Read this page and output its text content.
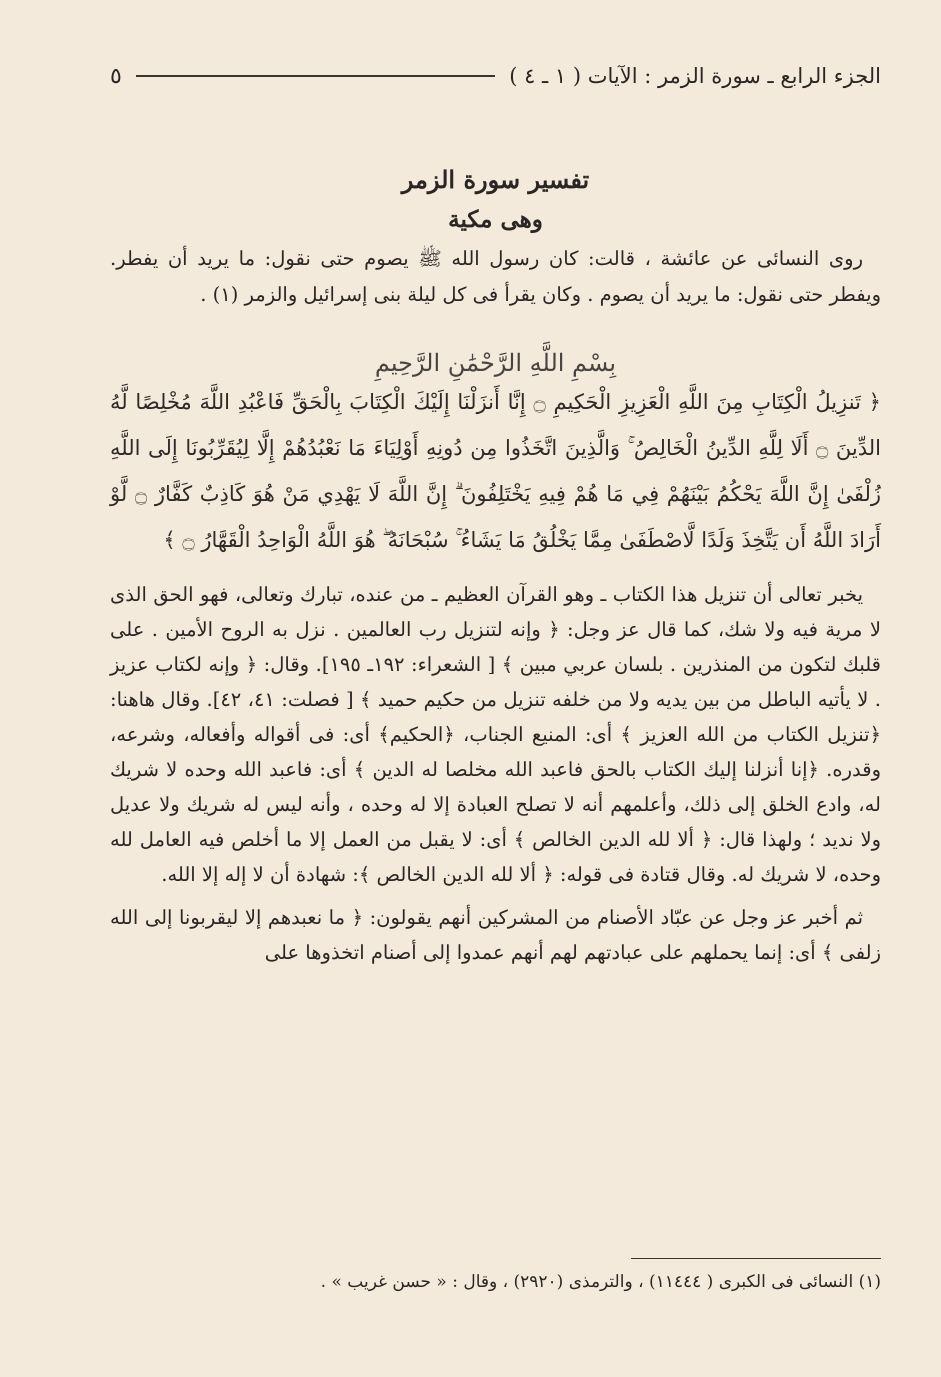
الجزء الرابع ـ سورة الزمر : الآيات ( ١ ـ ٤ )
٥
تفسير سورة الزمر
وهى مكية

روى النسائى عن عائشة ، قالت: كان رسول الله ﷺ يصوم حتى نقول: ما يريد أن يفطر. ويفطر حتى نقول: ما يريد أن يصوم . وكان يقرأ فى كل ليلة بنى إسرائيل والزمر (١) .

بِسْمِ اللَّهِ الرَّحْمَٰنِ الرَّحِيمِ
﴿ تَنزِيلُ الْكِتَابِ مِنَ اللَّهِ الْعَزِيزِ الْحَكِيمِ ۝ إِنَّا أَنزَلْنَا إِلَيْكَ الْكِتَابَ بِالْحَقِّ فَاعْبُدِ اللَّهَ مُخْلِصًا لَّهُ الدِّينَ ۝ أَلَا لِلَّهِ الدِّينُ الْخَالِصُ ۚ وَالَّذِينَ اتَّخَذُوا مِن دُونِهِ أَوْلِيَاءَ مَا نَعْبُدُهُمْ إِلَّا لِيُقَرِّبُونَا إِلَى اللَّهِ زُلْفَىٰ إِنَّ اللَّهَ يَحْكُمُ بَيْنَهُمْ فِي مَا هُمْ فِيهِ يَخْتَلِفُونَ ۗ إِنَّ اللَّهَ لَا يَهْدِي مَنْ هُوَ كَاذِبٌ كَفَّارٌ ۝ لَّوْ أَرَادَ اللَّهُ أَن يَتَّخِذَ وَلَدًا لَّاصْطَفَىٰ مِمَّا يَخْلُقُ مَا يَشَاءُ ۚ سُبْحَانَهُ ۖ هُوَ اللَّهُ الْوَاحِدُ الْقَهَّارُ ۝ ﴾

يخبر تعالى أن تنزيل هذا الكتاب ـ وهو القرآن العظيم ـ من عنده، تبارك وتعالى، فهو الحق الذى لا مرية فيه ولا شك، كما قال عز وجل: ﴿ وإنه لتنزيل رب العالمين . نزل به الروح الأمين . على قلبك لتكون من المنذرين . بلسان عربي مبين ﴾ [ الشعراء: ١٩٢ـ ١٩٥]. وقال: ﴿ وإنه لكتاب عزيز . لا يأتيه الباطل من بين يديه ولا من خلفه تنزيل من حكيم حميد ﴾ [ فصلت: ٤١، ٤٢]. وقال هاهنا: ﴿تنزيل الكتاب من الله العزيز ﴾ أى: المنيع الجناب، ﴿الحكيم﴾ أى: فى أقواله وأفعاله، وشرعه، وقدره. ﴿إنا أنزلنا إليك الكتاب بالحق فاعبد الله مخلصا له الدين ﴾ أى: فاعبد الله وحده لا شريك له، وادع الخلق إلى ذلك، وأعلمهم أنه لا تصلح العبادة إلا له وحده ، وأنه ليس له شريك ولا عديل ولا نديد ؛ ولهذا قال: ﴿ ألا لله الدين الخالص ﴾ أى: لا يقبل من العمل إلا ما أخلص فيه العامل لله وحده، لا شريك له. وقال قتادة فى قوله: ﴿ ألا لله الدين الخالص ﴾: شهادة أن لا إله إلا الله.

ثم أخبر عز وجل عن عبّاد الأصنام من المشركين أنهم يقولون: ﴿ ما نعبدهم إلا ليقربونا إلى الله زلفى ﴾ أى: إنما يحملهم على عبادتهم لهم أنهم عمدوا إلى أصنام اتخذوها على

(١) النسائى فى الكبرى ( ١١٤٤٤) ، والترمذى (٢٩٢٠) ، وقال : « حسن غريب » .
